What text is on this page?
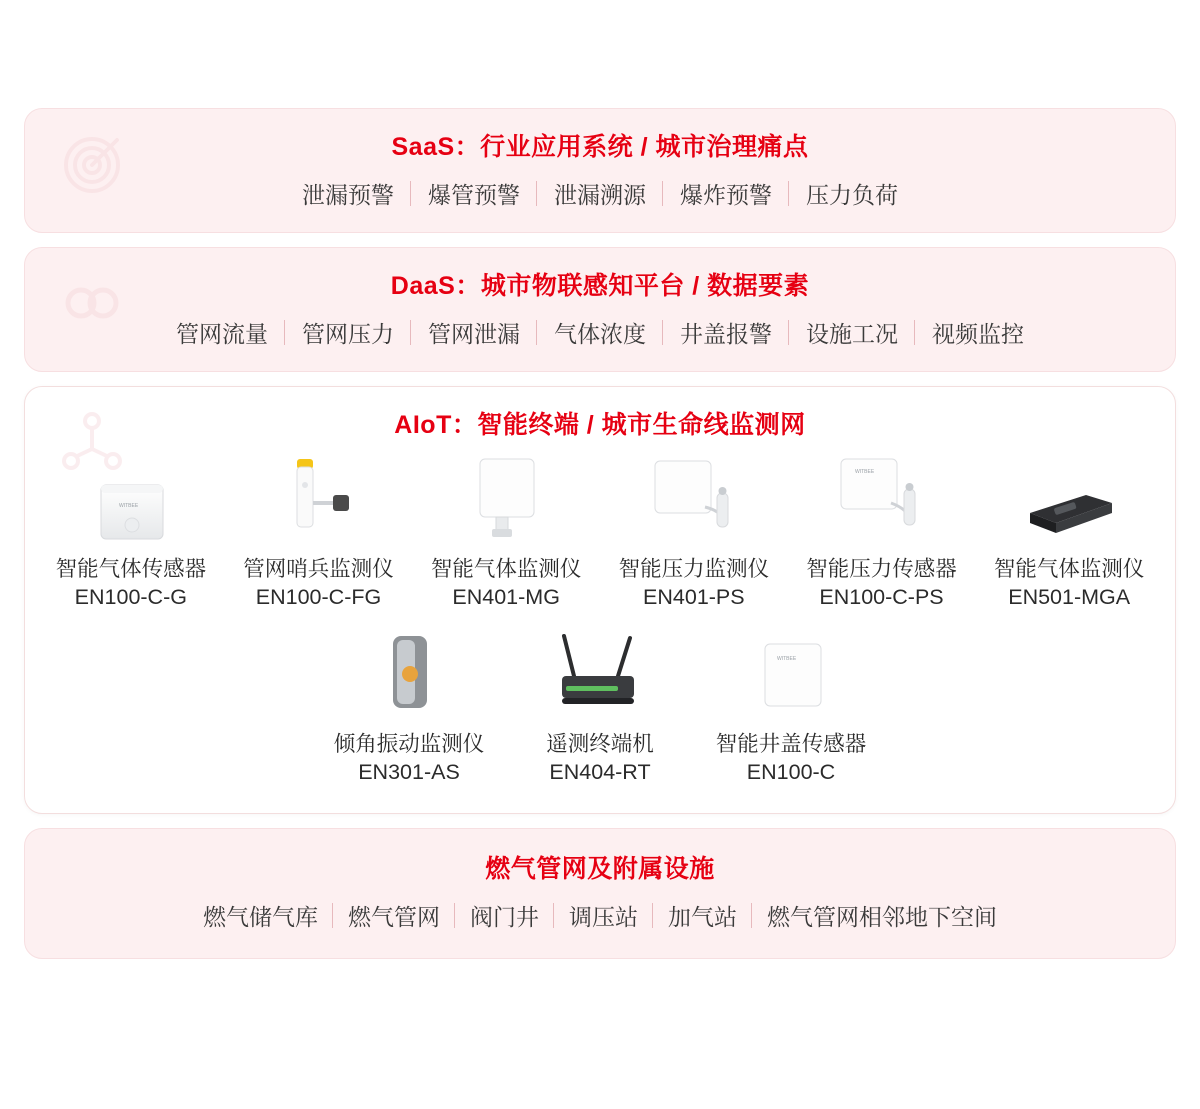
SaaS：行业应用系统 / 城市治理痛点
泄漏预警	爆管预警	泄漏溯源	爆炸预警	压力负荷
DaaS：城市物联感知平台 / 数据要素
管网流量	管网压力	管网泄漏	气体浓度	井盖报警	设施工况	视频监控
AIoT：智能终端 / 城市生命线监测网
WITBEE
智能气体传感器
EN100-C-G
管网哨兵监测仪
EN100-C-FG
智能气体监测仪
EN401-MG
智能压力监测仪
EN401-PS
WITBEE
智能压力传感器
EN100-C-PS
智能气体监测仪
EN501-MGA
倾角振动监测仪
EN301-AS
遥测终端机
EN404-RT
WITBEE
智能井盖传感器
EN100-C
燃气管网及附属设施
燃气储气库	燃气管网	阀门井	调压站	加气站	燃气管网相邻地下空间
